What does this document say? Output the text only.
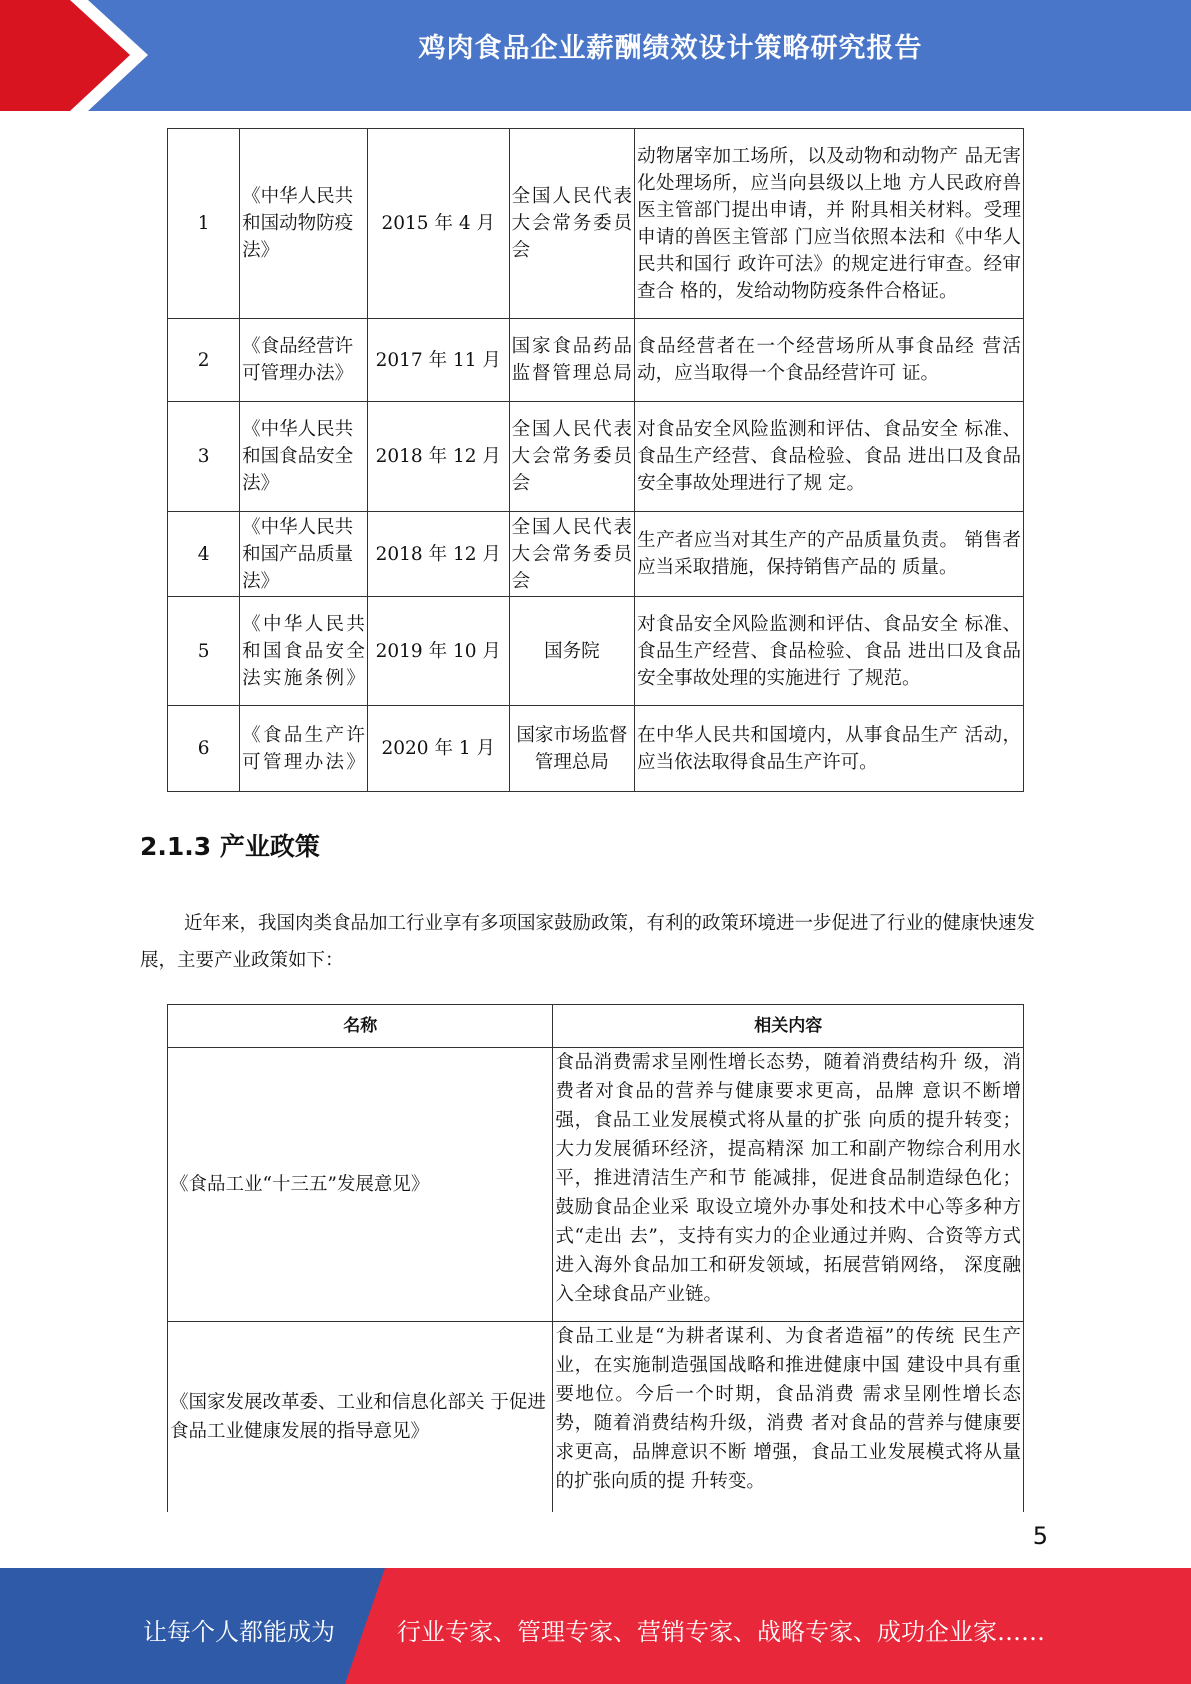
鸡肉食品企业薪酬绩效设计策略研究报告
1	《中华人民共和国动物防疫法》	2015 年 4 月	全国人民代表大会常务委员会	动物屠宰加工场所，以及动物和动物产 品无害化处理场所，应当向县级以上地 方人民政府兽医主管部门提出申请，并 附具相关材料。受理申请的兽医主管部 门应当依照本法和《中华人民共和国行 政许可法》的规定进行审查。经审查合 格的，发给动物防疫条件合格证。
2	《食品经营许可管理办法》	2017 年 11 月	国家食品药品监督管理总局	食品经营者在一个经营场所从事食品经 营活动，应当取得一个食品经营许可 证。
3	《中华人民共和国食品安全法》	2018 年 12 月	全国人民代表大会常务委员会	对食品安全风险监测和评估、食品安全 标准、食品生产经营、食品检验、食品 进出口及食品安全事故处理进行了规 定。
4	《中华人民共和国产品质量法》	2018 年 12 月	全国人民代表大会常务委员会	生产者应当对其生产的产品质量负责。 销售者应当采取措施，保持销售产品的 质量。
5	《中华人民共和国食品安全法实施条例》	2019 年 10 月	国务院	对食品安全风险监测和评估、食品安全 标准、食品生产经营、食品检验、食品 进出口及食品安全事故处理的实施进行 了规范。
6	《食品生产许可管理办法》	2020 年 1 月	国家市场监督管理总局	在中华人民共和国境内，从事食品生产 活动，应当依法取得食品生产许可。
2.1.3 产业政策
近年来，我国肉类食品加工行业享有多项国家鼓励政策，有利的政策环境进一步促进了行业的健康快速发展，主要产业政策如下：
名称	相关内容
《食品工业“十三五”发展意见》	食品消费需求呈刚性增长态势，随着消费结构升 级，消费者对食品的营养与健康要求更高，品牌 意识不断增强，食品工业发展模式将从量的扩张 向质的提升转变；大力发展循环经济，提高精深 加工和副产物综合利用水平，推进清洁生产和节 能减排，促进食品制造绿色化；鼓励食品企业采 取设立境外办事处和技术中心等多种方式“走出 去”，支持有实力的企业通过并购、合资等方式 进入海外食品加工和研发领域，拓展营销网络， 深度融入全球食品产业链。
《国家发展改革委、工业和信息化部关 于促进食品工业健康发展的指导意见》	食品工业是“为耕者谋利、为食者造福”的传统 民生产业，在实施制造强国战略和推进健康中国 建设中具有重要地位。今后一个时期，食品消费 需求呈刚性增长态势，随着消费结构升级，消费 者对食品的营养与健康要求更高，品牌意识不断 增强，食品工业发展模式将从量的扩张向质的提 升转变。
5
让每个人都能成为	行业专家、管理专家、营销专家、战略专家、成功企业家……
